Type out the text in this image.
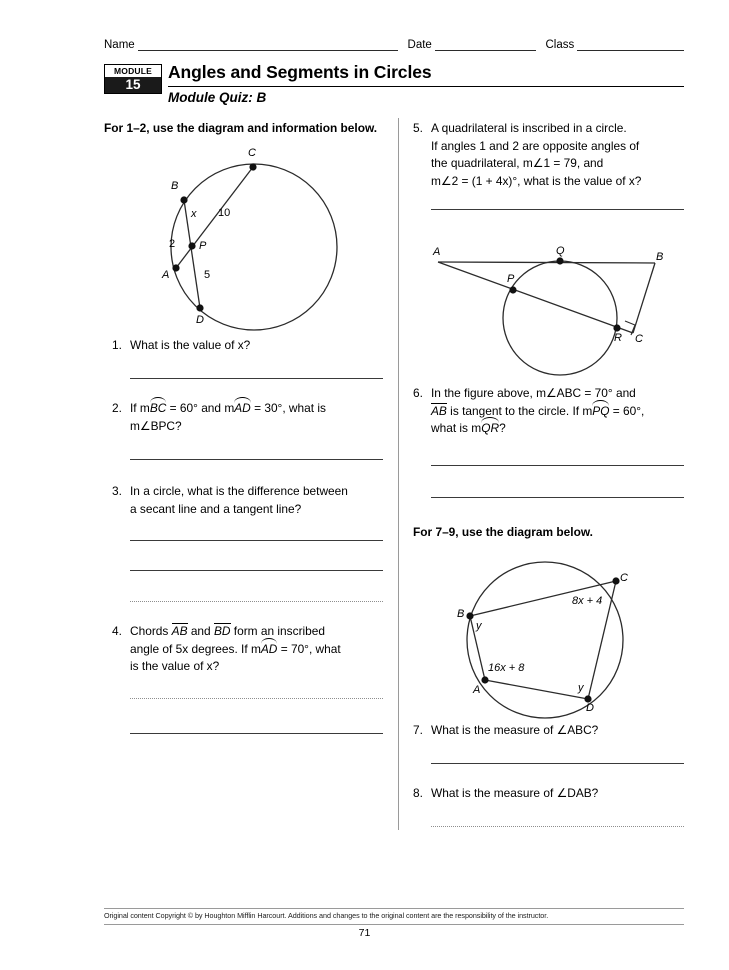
Name	Date	Class
MODULE
15
Angles and Segments in Circles
Module Quiz: B
For 1–2, use the diagram and information below.
B
C
A
D
P
x 10
2
5
1. What is the value of x?
2. If m
BC = 60° and m
AD = 30°, what is
m∠BPC?
3. In a circle, what is the difference between
a secant line and a tangent line?
4. Chords AB and BD form an inscribed
angle of 5x degrees. If m
AD = 70°, what
is the value of x?
5. A quadrilateral is inscribed in a circle.
If angles 1 and 2 are opposite angles of
the quadrilateral, m∠1 = 79, and
m∠2 = (1 + 4x)°, what is the value of x?
A	B
Q
P
R C
6. In the figure above, m∠ABC = 70° and
AB is tangent to the circle. If m
PQ = 60°,
what is m
QR?
For 7–9, use the diagram below.
B
C
A
D
8x + 4
16x + 8
y
y
7. What is the measure of ∠ABC?
8. What is the measure of ∠DAB?
Original content Copyright © by Houghton Mifflin Harcourt. Additions and changes to the original content are the responsibility of the instructor.
71
